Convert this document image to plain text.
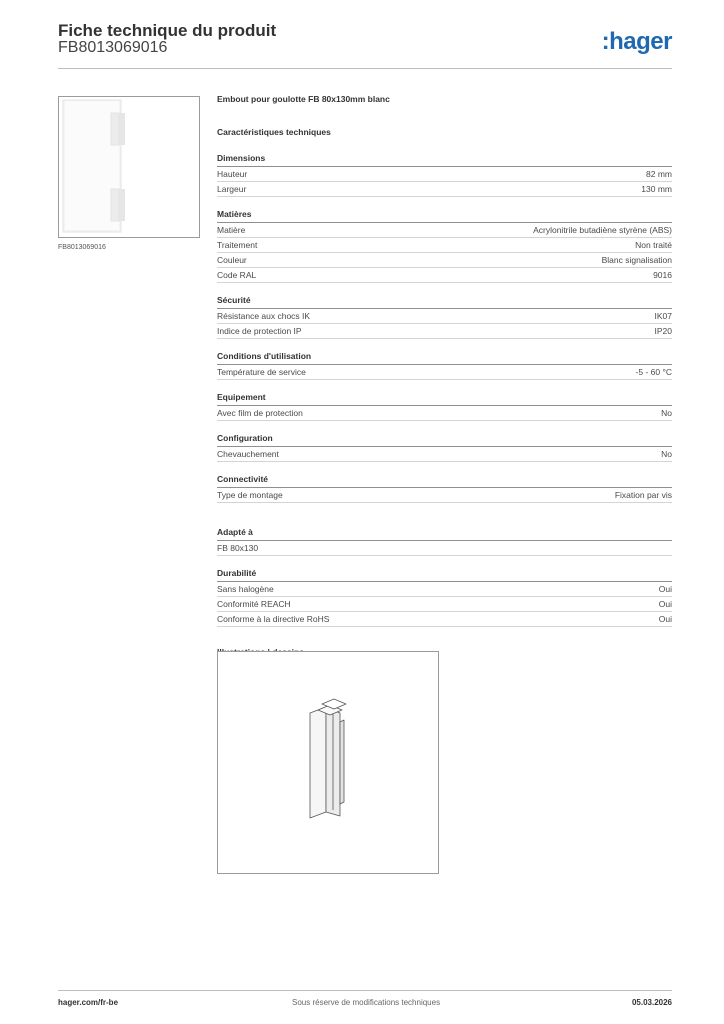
Fiche technique du produit
FB8013069016	:hager
FB8013069016
Embout pour goulotte FB 80x130mm blanc
Caractéristiques techniques
Dimensions
Hauteur	82 mm
Largeur	130 mm
Matières
Matière	Acrylonitrile butadiène styrène (ABS)
Traitement	Non traité
Couleur	Blanc signalisation
Code RAL	9016
Sécurité
Résistance aux chocs IK	IK07
Indice de protection IP	IP20
Conditions d'utilisation
Température de service	-5 - 60 °C
Equipement
Avec film de protection	No
Configuration
Chevauchement	No
Connectivité
Type de montage	Fixation par vis
Adapté à
FB 80x130
Durabilité
Sans halogène	Oui
Conformité REACH	Oui
Conforme à la directive RoHS	Oui
hager.com/fr-be	Sous réserve de modifications techniques	05.03.2026
